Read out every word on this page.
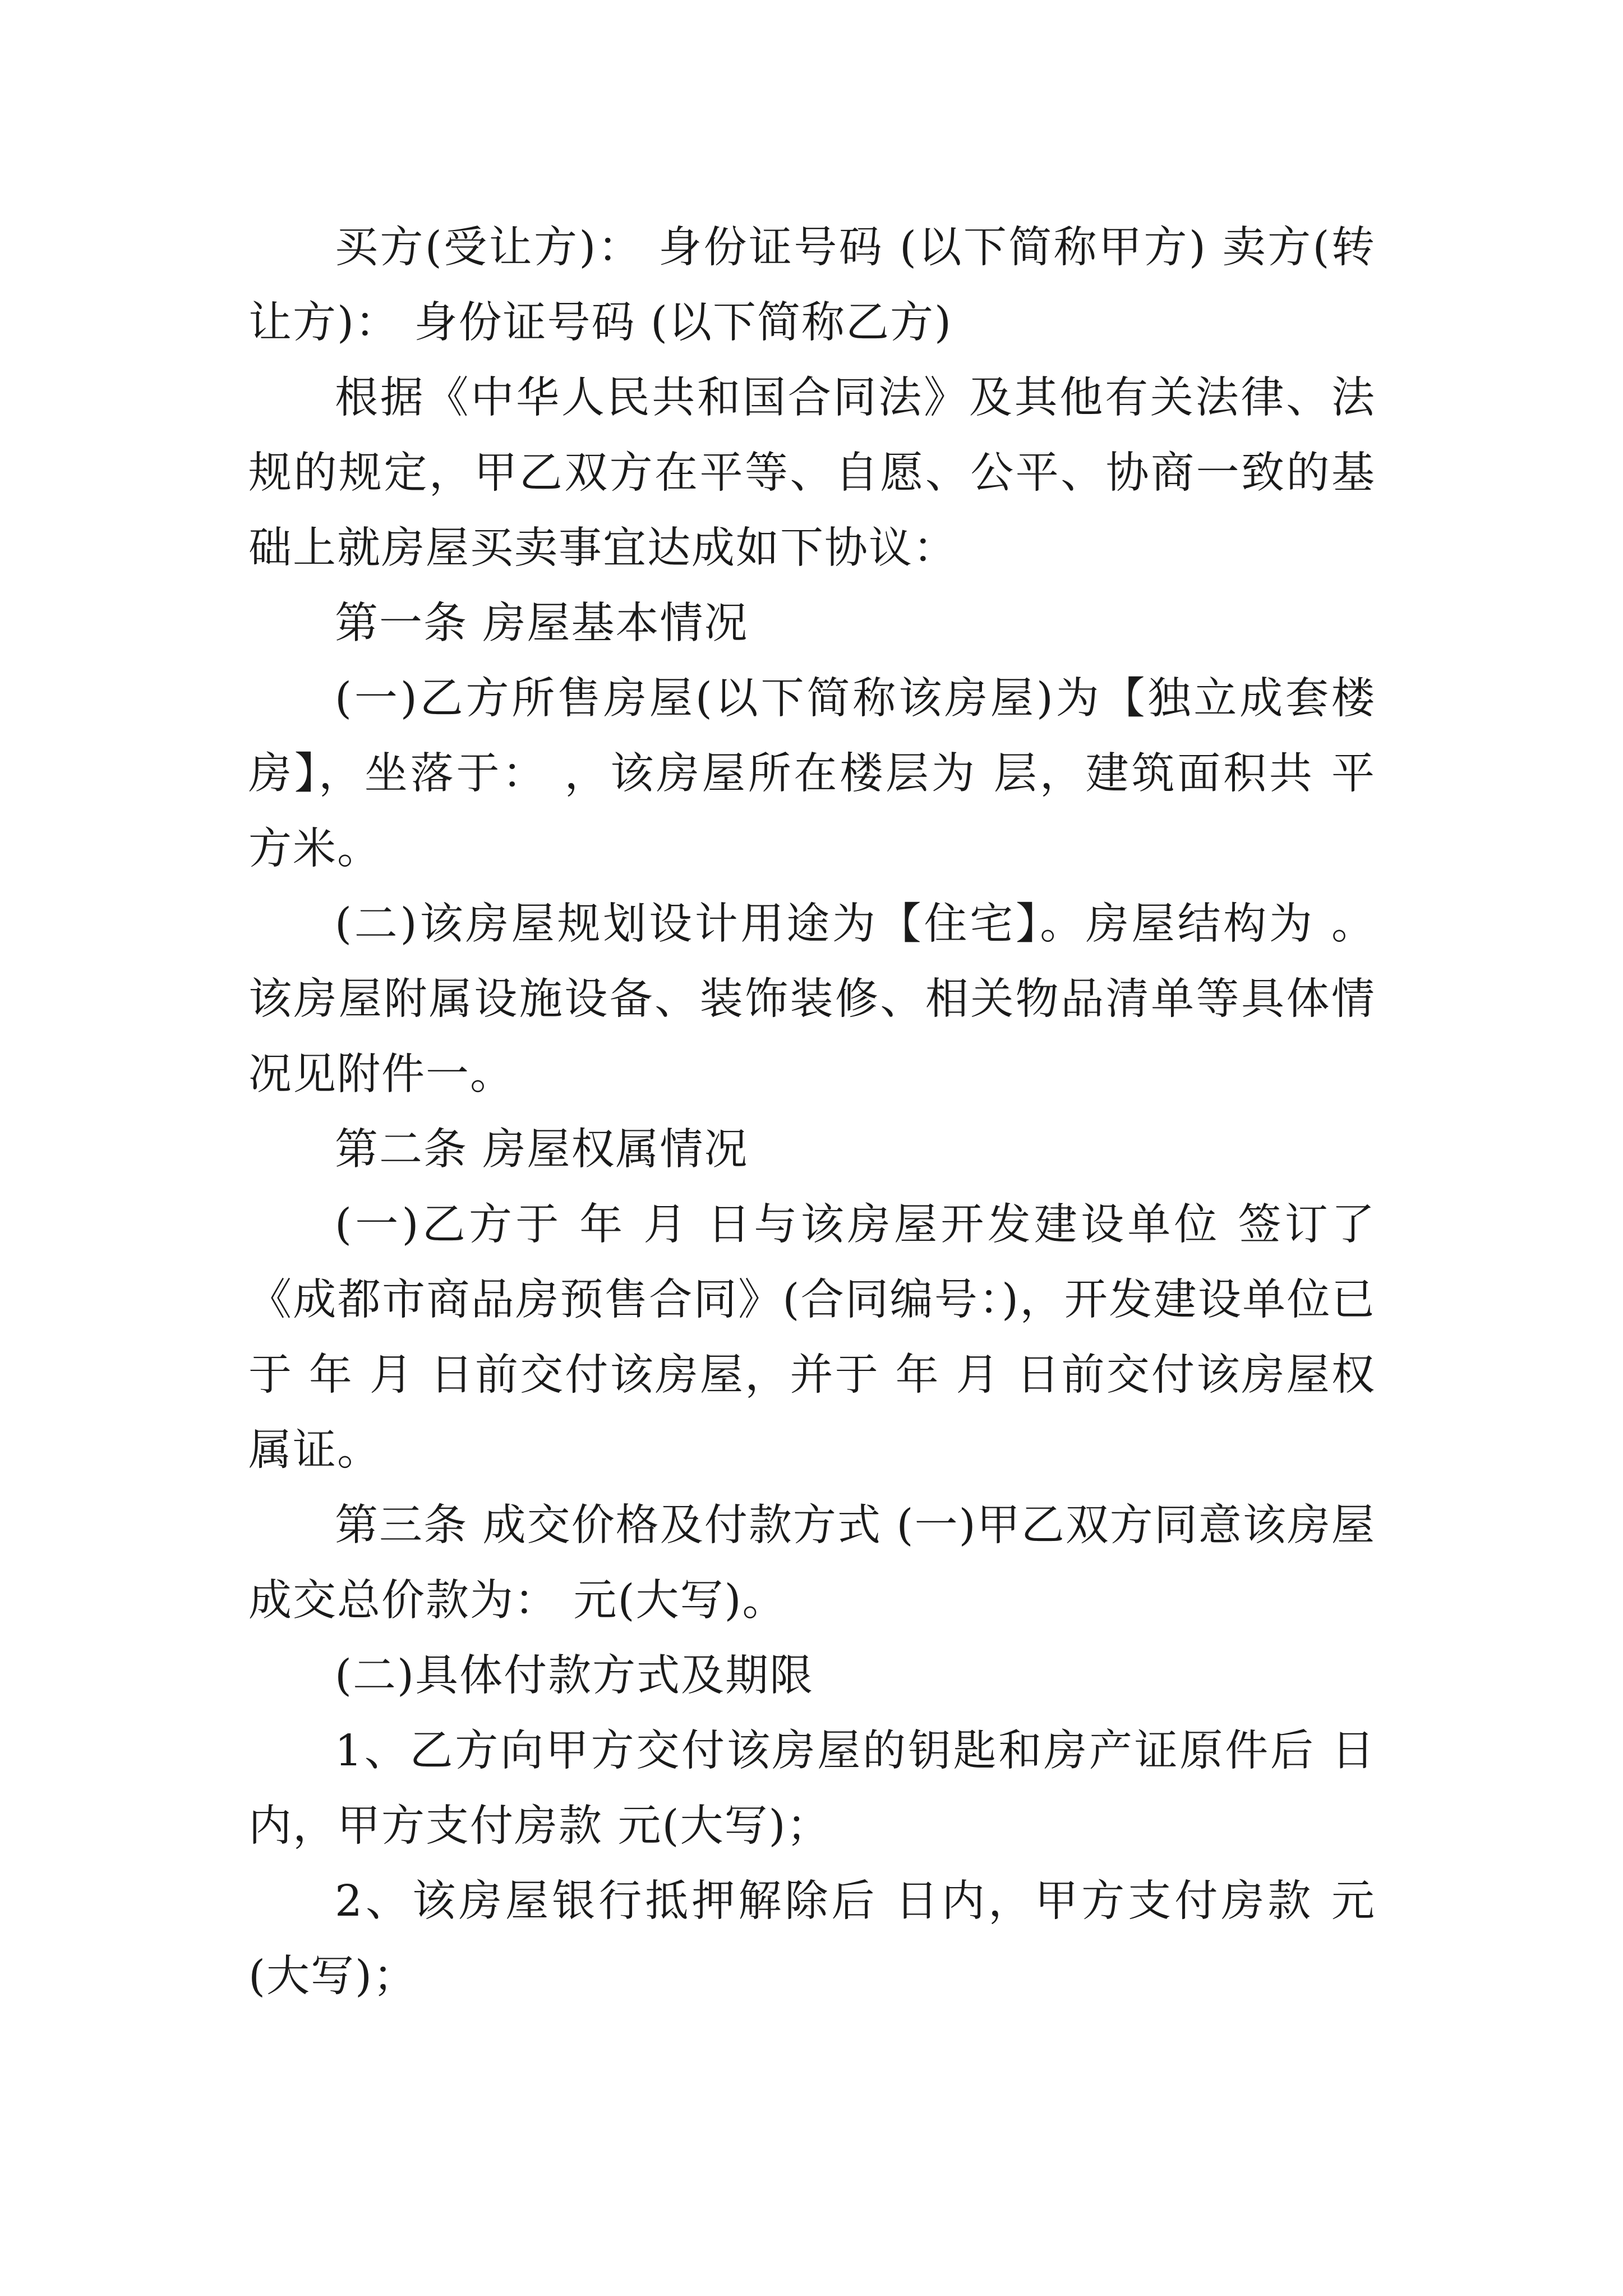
买方(受让方)： 身份证号码 (以下简称甲方) 卖方(转让方)： 身份证号码 (以下简称乙方)

根据《中华人民共和国合同法》及其他有关法律、法规的规定，甲乙双方在平等、自愿、公平、协商一致的基础上就房屋买卖事宜达成如下协议：

第一条 房屋基本情况

(一)乙方所售房屋(以下简称该房屋)为【独立成套楼房】，坐落于： ，该房屋所在楼层为 层，建筑面积共 平方米。

(二)该房屋规划设计用途为【住宅】。房屋结构为 。该房屋附属设施设备、装饰装修、相关物品清单等具体情况见附件一。

第二条 房屋权属情况

(一)乙方于 年 月 日与该房屋开发建设单位 签订了《成都市商品房预售合同》(合同编号：)，开发建设单位已于 年 月 日前交付该房屋，并于 年 月 日前交付该房屋权属证。

第三条 成交价格及付款方式 (一)甲乙双方同意该房屋成交总价款为： 元(大写)。

(二)具体付款方式及期限

1、乙方向甲方交付该房屋的钥匙和房产证原件后 日内，甲方支付房款 元(大写)；

2、该房屋银行抵押解除后 日内，甲方支付房款 元(大写)；
